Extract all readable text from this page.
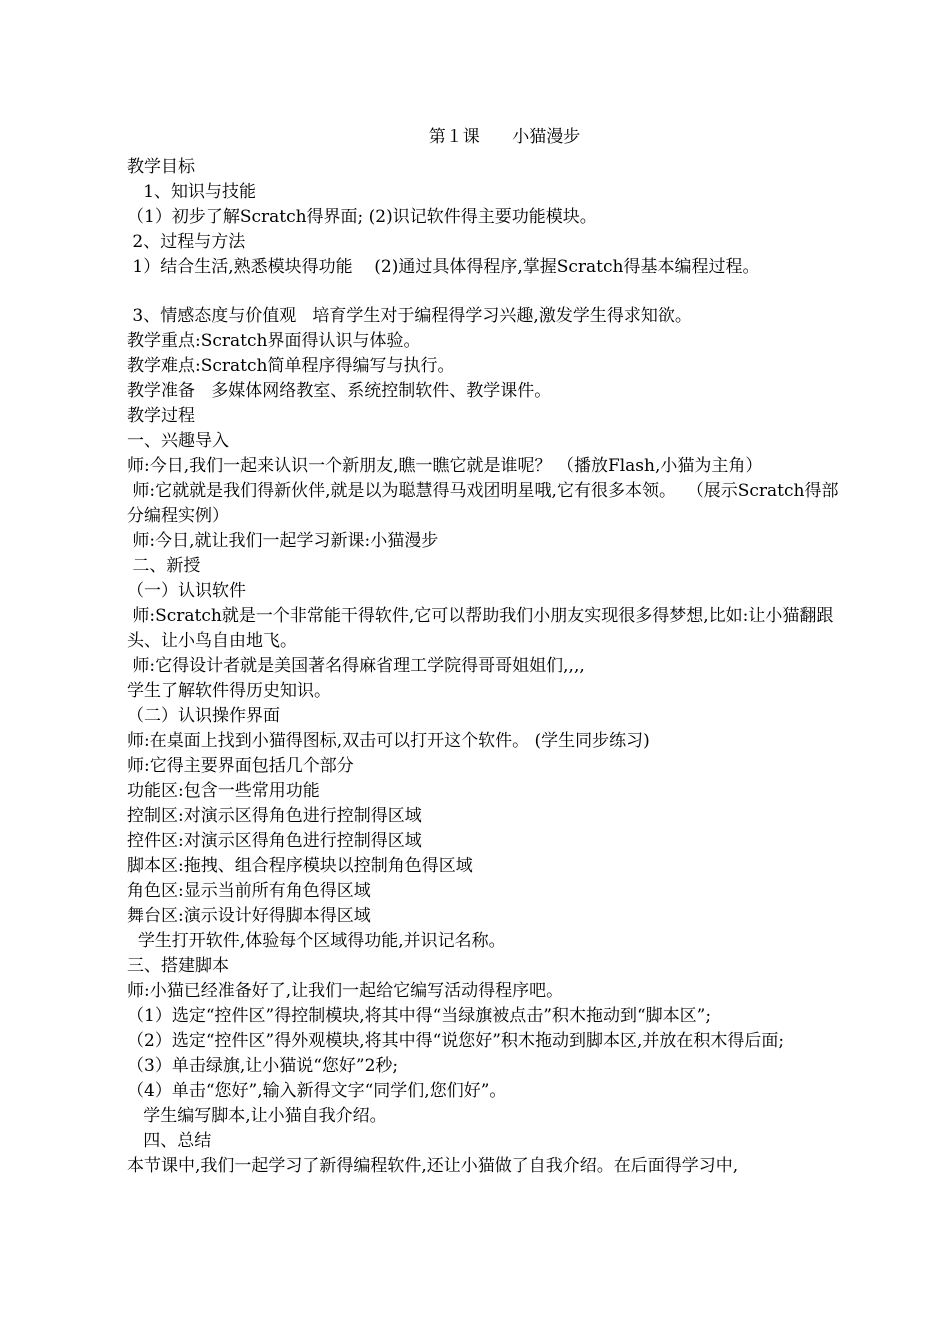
第１课      小猫漫步
教学目标
1、知识与技能
（1）初步了解Scratch得界面; (2)识记软件得主要功能模块。
2、过程与方法
1）结合生活,熟悉模块得功能    (2)通过具体得程序,掌握Scratch得基本编程过程。
3、情感态度与价值观   培育学生对于编程得学习兴趣,激发学生得求知欲。
教学重点:Scratch界面得认识与体验。
教学难点:Scratch简单程序得编写与执行。
教学准备   多媒体网络教室、系统控制软件、教学课件。
教学过程
一、兴趣导入
师:今日,我们一起来认识一个新朋友,瞧一瞧它就是谁呢？ （播放Flash,小猫为主角）
师:它就就是我们得新伙伴,就是以为聪慧得马戏团明星哦,它有很多本领。  （展示Scratch得部分编程实例）
师:今日,就让我们一起学习新课:小猫漫步
二、新授
（一）认识软件
师:Scratch就是一个非常能干得软件,它可以帮助我们小朋友实现很多得梦想,比如:让小猫翻跟头、让小鸟自由地飞。
师:它得设计者就是美国著名得麻省理工学院得哥哥姐姐们,,,,
学生了解软件得历史知识。
（二）认识操作界面
师:在桌面上找到小猫得图标,双击可以打开这个软件。 (学生同步练习)
师:它得主要界面包括几个部分
功能区:包含一些常用功能
控制区:对演示区得角色进行控制得区域
控件区:对演示区得角色进行控制得区域
脚本区:拖拽、组合程序模块以控制角色得区域
角色区:显示当前所有角色得区域
舞台区:演示设计好得脚本得区域
学生打开软件,体验每个区域得功能,并识记名称。
三、搭建脚本
师:小猫已经准备好了,让我们一起给它编写活动得程序吧。
（1）选定“控件区”得控制模块,将其中得“当绿旗被点击”积木拖动到“脚本区”;
（2）选定“控件区”得外观模块,将其中得“说您好”积木拖动到脚本区,并放在积木得后面;
（3）单击绿旗,让小猫说“您好”2秒;
（4）单击“您好”,输入新得文字“同学们,您们好”。
学生编写脚本,让小猫自我介绍。
四、总结
本节课中,我们一起学习了新得编程软件,还让小猫做了自我介绍。在后面得学习中,
